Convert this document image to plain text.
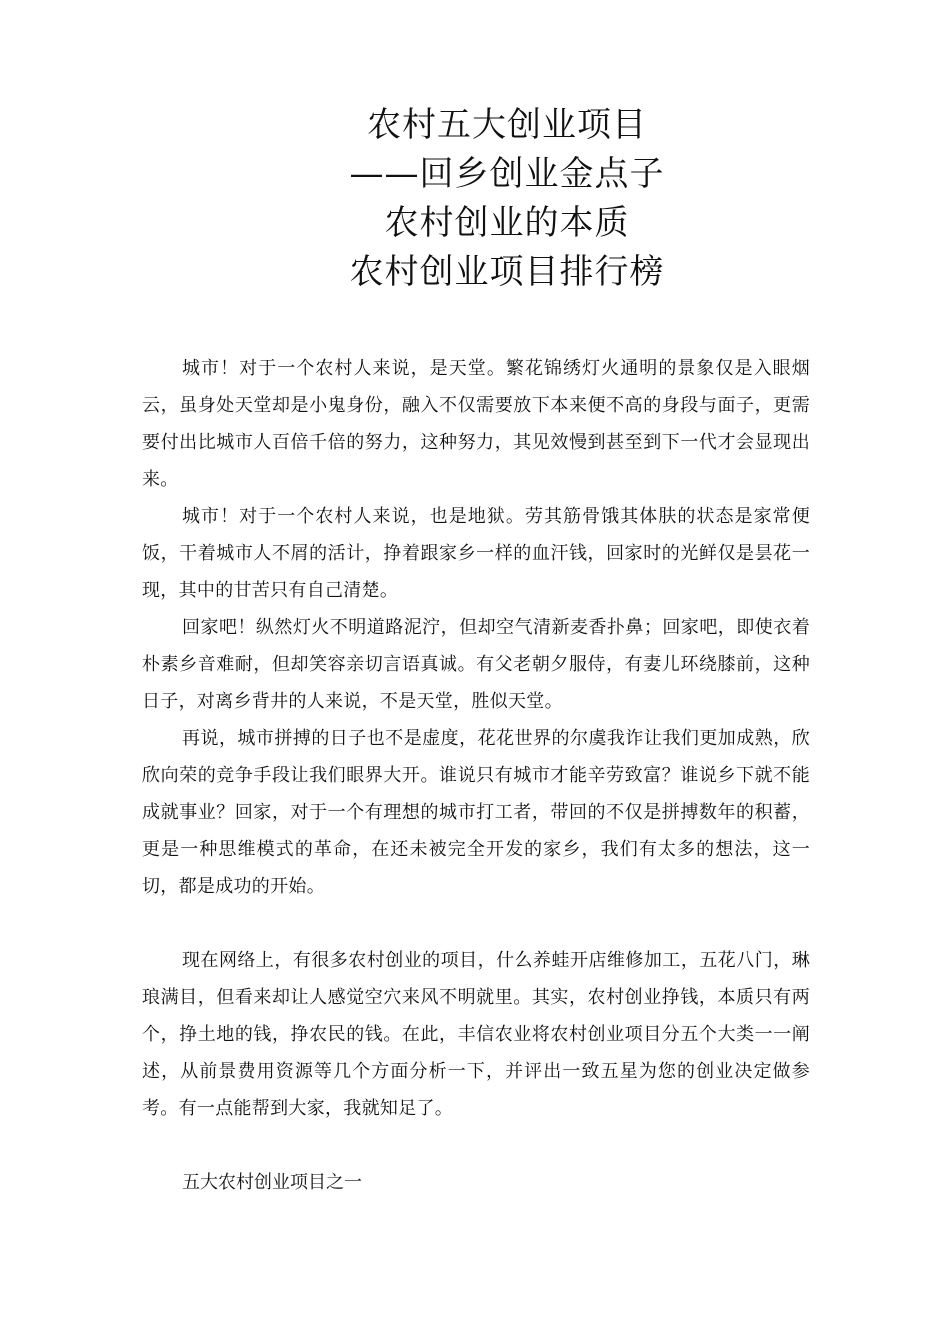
农村五大创业项目
——回乡创业金点子
农村创业的本质
农村创业项目排行榜

城市！对于一个农村人来说，是天堂。繁花锦绣灯火通明的景象仅是入眼烟云，虽身处天堂却是小鬼身份，融入不仅需要放下本来便不高的身段与面子，更需要付出比城市人百倍千倍的努力，这种努力，其见效慢到甚至到下一代才会显现出来。

城市！对于一个农村人来说，也是地狱。劳其筋骨饿其体肤的状态是家常便饭，干着城市人不屑的活计，挣着跟家乡一样的血汗钱，回家时的光鲜仅是昙花一现，其中的甘苦只有自己清楚。

回家吧！纵然灯火不明道路泥泞，但却空气清新麦香扑鼻；回家吧，即使衣着朴素乡音难耐，但却笑容亲切言语真诚。有父老朝夕服侍，有妻儿环绕膝前，这种日子，对离乡背井的人来说，不是天堂，胜似天堂。

再说，城市拼搏的日子也不是虚度，花花世界的尔虞我诈让我们更加成熟，欣欣向荣的竞争手段让我们眼界大开。谁说只有城市才能辛劳致富？谁说乡下就不能成就事业？回家，对于一个有理想的城市打工者，带回的不仅是拼搏数年的积蓄，更是一种思维模式的革命，在还未被完全开发的家乡，我们有太多的想法，这一切，都是成功的开始。

现在网络上，有很多农村创业的项目，什么养蛙开店维修加工，五花八门，琳琅满目，但看来却让人感觉空穴来风不明就里。其实，农村创业挣钱，本质只有两个，挣土地的钱，挣农民的钱。在此，丰信农业将农村创业项目分五个大类一一阐述，从前景费用资源等几个方面分析一下，并评出一致五星为您的创业决定做参考。有一点能帮到大家，我就知足了。

五大农村创业项目之一
